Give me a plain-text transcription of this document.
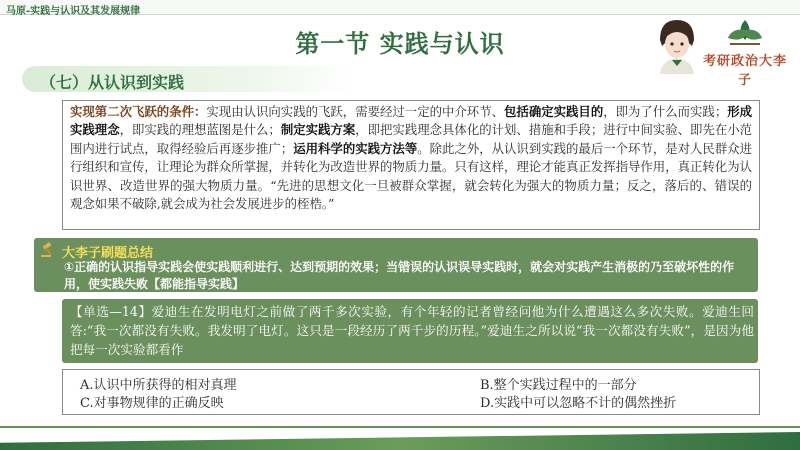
马原-实践与认识及其发展规律
第一节 实践与认识
考研政治大李子
（七）从认识到实践
实现第二次飞跃的条件：实现由认识向实践的飞跃，需要经过一定的中介环节、包括确定实践目的，即为了什么而实践；形成实践理念，即实践的理想蓝图是什么；制定实践方案，即把实践理念具体化的计划、措施和手段；进行中间实验、即先在小范围内进行试点，取得经验后再逐步推广；运用科学的实践方法等。除此之外，从认识到实践的最后一个环节，是对人民群众进行组织和宣传，让理论为群众所掌握，并转化为改造世界的物质力量。只有这样，理论才能真正发挥指导作用，真正转化为认识世界、改造世界的强大物质力量。“先进的思想文化一旦被群众掌握，就会转化为强大的物质力量；反之，落后的、错误的观念如果不破除,就会成为社会发展进步的桎梏。”
大李子刷题总结
①正确的认识指导实践会使实践顺利进行、达到预期的效果；当错误的认识误导实践时，就会对实践产生消极的乃至破坏性的作用，使实践失败【都能指导实践】
【单选—14】爱迪生在发明电灯之前做了两千多次实验，有个年轻的记者曾经问他为什么遭遇这么多次失败。爱迪生回答:“我一次都没有失败。我发明了电灯。这只是一段经历了两千步的历程。”爱迪生之所以说“我一次都没有失败”，是因为他把每一次实验都看作
A.认识中所获得的相对真理	B.整个实践过程中的一部分
C.对事物规律的正确反映	D.实践中可以忽略不计的偶然挫折
